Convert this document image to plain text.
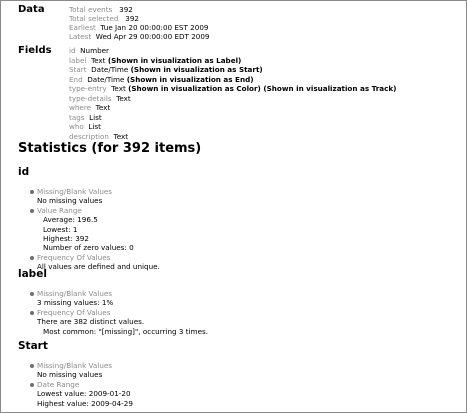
Data	Total events 392
Total selected 392
Earliest Tue Jan 20 00:00:00 EST 2009
Latest Wed Apr 29 00:00:00 EDT 2009
Fields id Number
label Text (Shown in visualization as Label)
Start Date/Time (Shown in visualization as Start)
End Date/Time (Shown in visualization as End)
type-entry Text (Shown in visualization as Color) (Shown in visualization as Track)
type-details Text
where Text
tags List
who List
description Text
Statistics (for 392 items)
id
Missing/Blank Values
No missing values
Value Range
Average: 196.5
Lowest: 1
Highest: 392
Number of zero values: 0
Frequency Of Values
All values are defined and unique.
label
Missing/Blank Values
3 missing values: 1%
Frequency Of Values
There are 382 distinct values.
Most common: "[missing]", occurring 3 times.
Start
Missing/Blank Values
No missing values
Date Range
Lowest value: 2009-01-20
Highest value: 2009-04-29
